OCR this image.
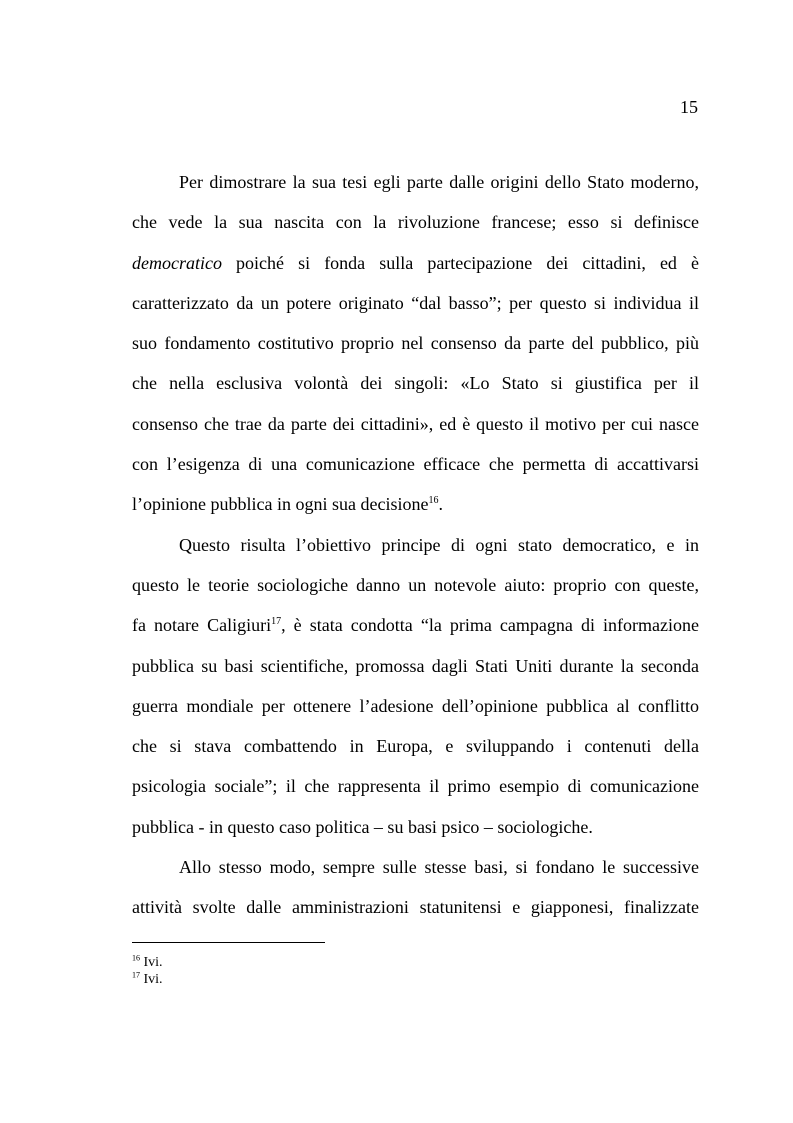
15

Per dimostrare la sua tesi egli parte dalle origini dello Stato moderno,
che vede la sua nascita con la rivoluzione francese; esso si definisce
democratico poiché si fonda sulla partecipazione dei cittadini, ed è
caratterizzato da un potere originato “dal basso”; per questo si individua il
suo fondamento costitutivo proprio nel consenso da parte del pubblico, più
che nella esclusiva volontà dei singoli: «Lo Stato si giustifica per il
consenso che trae da parte dei cittadini», ed è questo il motivo per cui nasce
con l’esigenza di una comunicazione efficace che permetta di accattivarsi
l’opinione pubblica in ogni sua decisione$^{16}$.

Questo risulta l’obiettivo principe di ogni stato democratico, e in
questo le teorie sociologiche danno un notevole aiuto: proprio con queste,
fa notare Caligiuri$^{17}$, è stata condotta “la prima campagna di informazione
pubblica su basi scientifiche, promossa dagli Stati Uniti durante la seconda
guerra mondiale per ottenere l’adesione dell’opinione pubblica al conflitto
che si stava combattendo in Europa, e sviluppando i contenuti della
psicologia sociale”; il che rappresenta il primo esempio di comunicazione
pubblica - in questo caso politica – su basi psico – sociologiche.

Allo stesso modo, sempre sulle stesse basi, si fondano le successive
attività svolte dalle amministrazioni statunitensi e giapponesi, finalizzate

$^{16}$ Ivi.
$^{17}$ Ivi.
